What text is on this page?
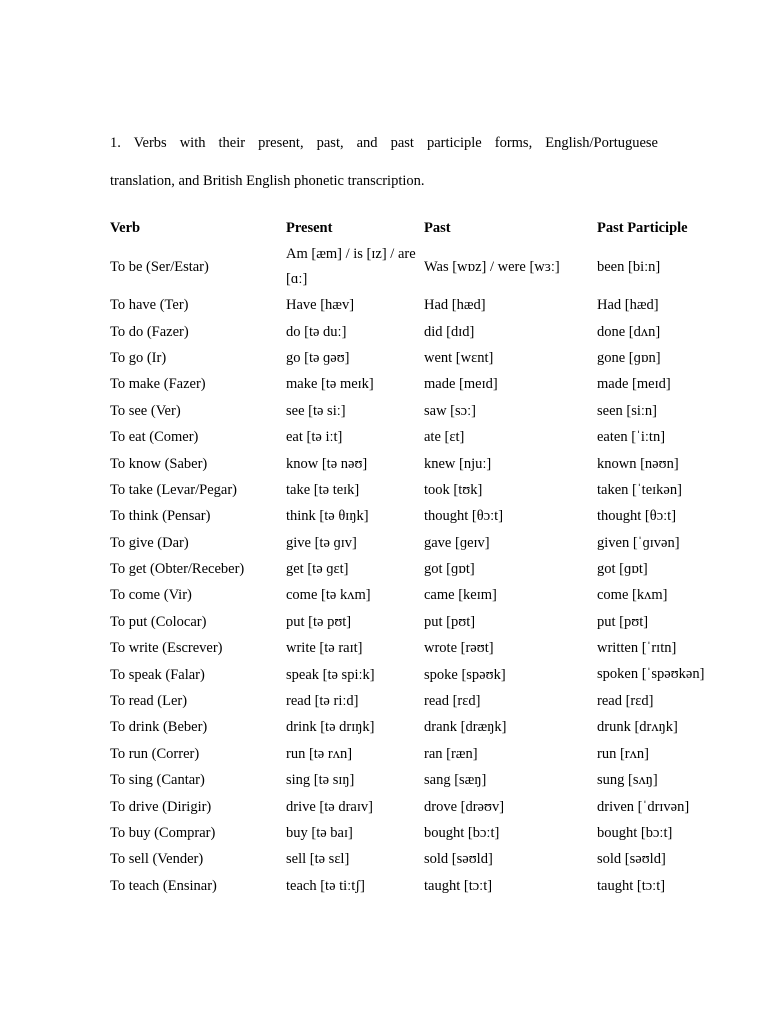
1. Verbs with their present, past, and past participle forms, English/Portuguese
translation, and British English phonetic transcription.
Verb	Present	Past	Past Participle
To be (Ser/Estar)	Am [æm] / is [ɪz] / are [ɑː]	Was [wɒz] / were [wɜː]	been [biːn]
To have (Ter)	Have [hæv]	Had [hæd]	Had [hæd]
To do (Fazer)	do [tə duː]	did [dɪd]	done [dʌn]
To go (Ir)	go [tə ɡəʊ]	went [wɛnt]	gone [ɡɒn]
To make (Fazer)	make [tə meɪk]	made [meɪd]	made [meɪd]
To see (Ver)	see [tə siː]	saw [sɔː]	seen [siːn]
To eat (Comer)	eat [tə iːt]	ate [ɛt]	eaten [ˈiːtn]
To know (Saber)	know [tə nəʊ]	knew [njuː]	known [nəʊn]
To take (Levar/Pegar)	take [tə teɪk]	took [tʊk]	taken [ˈteɪkən]
To think (Pensar)	think [tə θɪŋk]	thought [θɔːt]	thought [θɔːt]
To give (Dar)	give [tə ɡɪv]	gave [ɡeɪv]	given [ˈɡɪvən]
To get (Obter/Receber)	get [tə ɡɛt]	got [ɡɒt]	got [ɡɒt]
To come (Vir)	come [tə kʌm]	came [keɪm]	come [kʌm]
To put (Colocar)	put [tə pʊt]	put [pʊt]	put [pʊt]
To write (Escrever)	write [tə raɪt]	wrote [rəʊt]	written [ˈrɪtn]
To speak (Falar)	speak [tə spiːk]	spoke [spəʊk]	spoken [ˈspəʊkən]
To read (Ler)	read [tə riːd]	read [rɛd]	read [rɛd]
To drink (Beber)	drink [tə drɪŋk]	drank [dræŋk]	drunk [drʌŋk]
To run (Correr)	run [tə rʌn]	ran [ræn]	run [rʌn]
To sing (Cantar)	sing [tə sɪŋ]	sang [sæŋ]	sung [sʌŋ]
To drive (Dirigir)	drive [tə draɪv]	drove [drəʊv]	driven [ˈdrɪvən]
To buy (Comprar)	buy [tə baɪ]	bought [bɔːt]	bought [bɔːt]
To sell (Vender)	sell [tə sɛl]	sold [səʊld]	sold [səʊld]
To teach (Ensinar)	teach [tə tiːtʃ]	taught [tɔːt]	taught [tɔːt]
